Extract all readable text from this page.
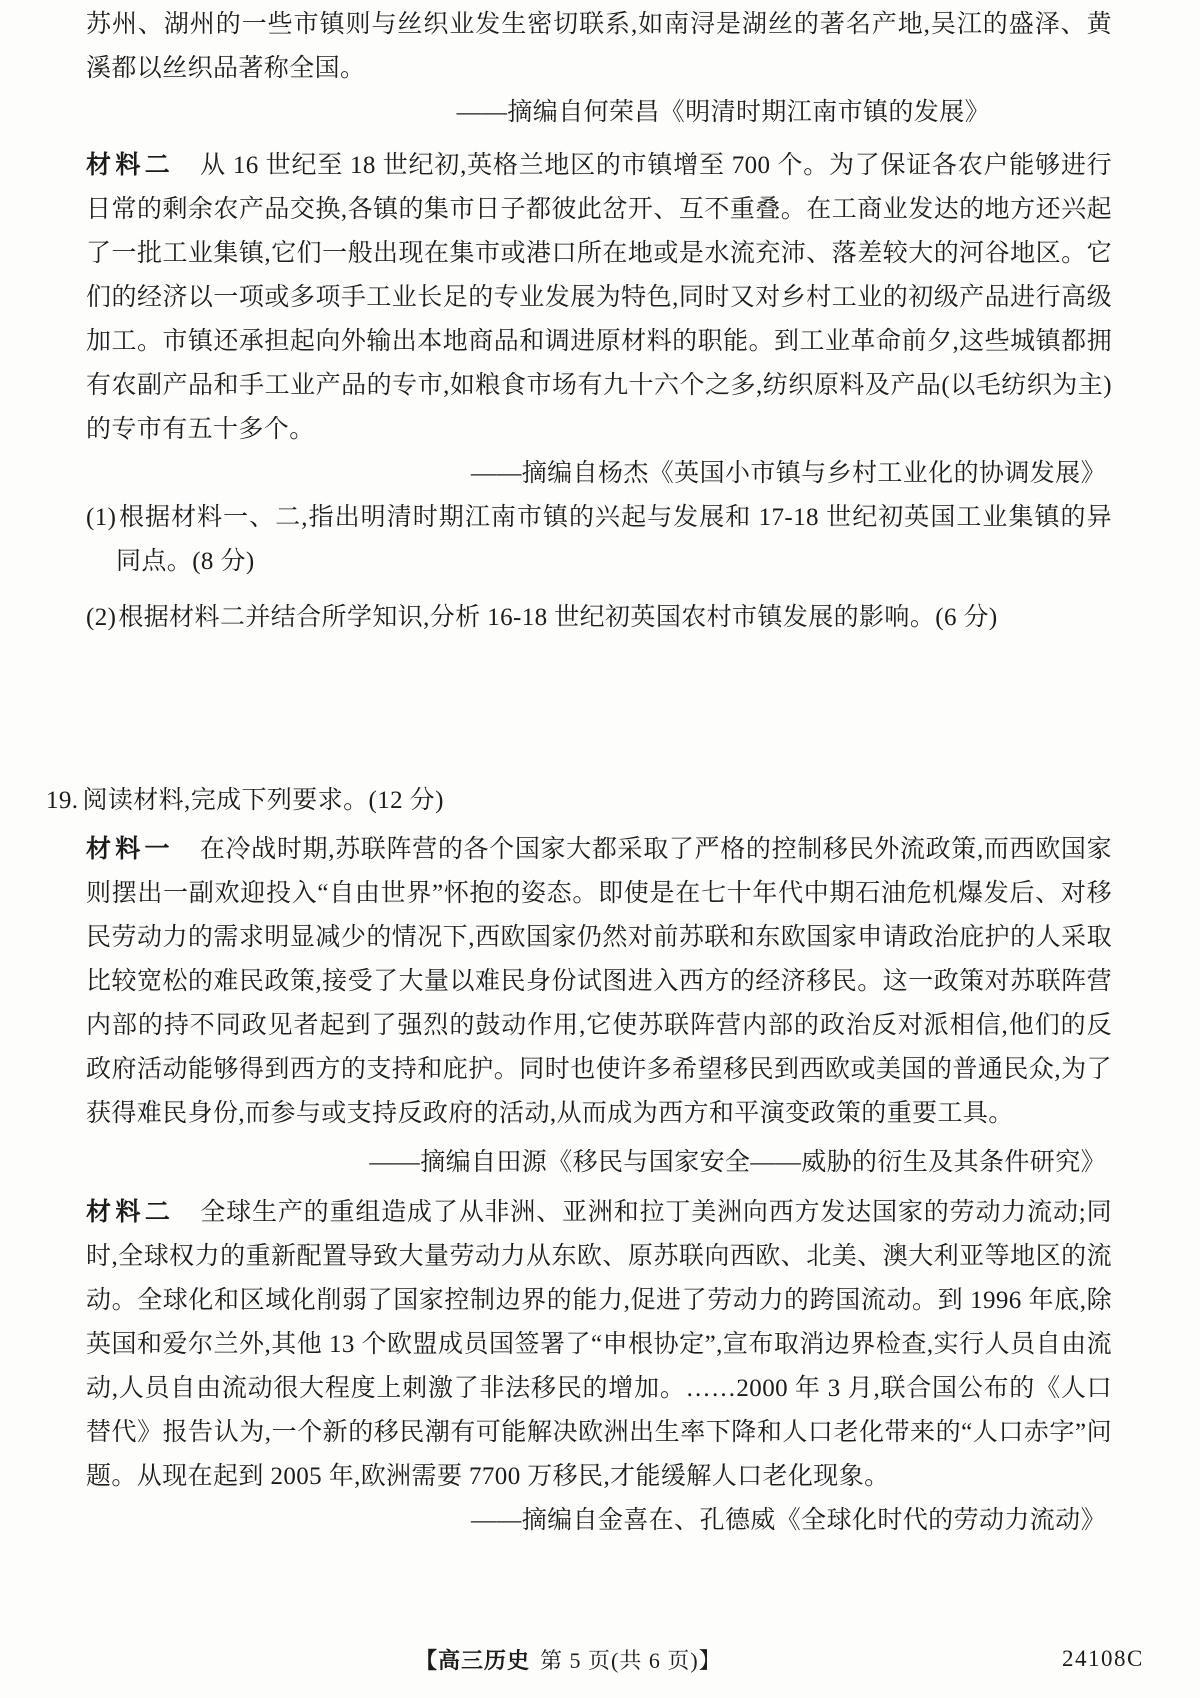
苏州、湖州的一些市镇则与丝织业发生密切联系,如南浔是湖丝的著名产地,吴江的盛泽、黄溪都以丝织品著称全国。

——摘编自何荣昌《明清时期江南市镇的发展》

材料二 从 16 世纪至 18 世纪初,英格兰地区的市镇增至 700 个。为了保证各农户能够进行日常的剩余农产品交换,各镇的集市日子都彼此岔开、互不重叠。在工商业发达的地方还兴起了一批工业集镇,它们一般出现在集市或港口所在地或是水流充沛、落差较大的河谷地区。它们的经济以一项或多项手工业长足的专业发展为特色,同时又对乡村工业的初级产品进行高级加工。市镇还承担起向外输出本地商品和调进原材料的职能。到工业革命前夕,这些城镇都拥有农副产品和手工业产品的专市,如粮食市场有九十六个之多,纺织原料及产品(以毛纺织为主)的专市有五十多个。

——摘编自杨杰《英国小市镇与乡村工业化的协调发展》

(1)根据材料一、二,指出明清时期江南市镇的兴起与发展和 17-18 世纪初英国工业集镇的异同点。(8 分)

(2)根据材料二并结合所学知识,分析 16-18 世纪初英国农村市镇发展的影响。(6 分)

19. 阅读材料,完成下列要求。(12 分)

材料一 在冷战时期,苏联阵营的各个国家大都采取了严格的控制移民外流政策,而西欧国家则摆出一副欢迎投入“自由世界”怀抱的姿态。即使是在七十年代中期石油危机爆发后、对移民劳动力的需求明显减少的情况下,西欧国家仍然对前苏联和东欧国家申请政治庇护的人采取比较宽松的难民政策,接受了大量以难民身份试图进入西方的经济移民。这一政策对苏联阵营内部的持不同政见者起到了强烈的鼓动作用,它使苏联阵营内部的政治反对派相信,他们的反政府活动能够得到西方的支持和庇护。同时也使许多希望移民到西欧或美国的普通民众,为了获得难民身份,而参与或支持反政府的活动,从而成为西方和平演变政策的重要工具。

——摘编自田源《移民与国家安全——威胁的衍生及其条件研究》

材料二 全球生产的重组造成了从非洲、亚洲和拉丁美洲向西方发达国家的劳动力流动;同时,全球权力的重新配置导致大量劳动力从东欧、原苏联向西欧、北美、澳大利亚等地区的流动。全球化和区域化削弱了国家控制边界的能力,促进了劳动力的跨国流动。到 1996 年底,除英国和爱尔兰外,其他 13 个欧盟成员国签署了“申根协定”,宣布取消边界检查,实行人员自由流动,人员自由流动很大程度上刺激了非法移民的增加。……2000 年 3 月,联合国公布的《人口替代》报告认为,一个新的移民潮有可能解决欧洲出生率下降和人口老化带来的“人口赤字”问题。从现在起到 2005 年,欧洲需要 7700 万移民,才能缓解人口老化现象。

——摘编自金喜在、孔德威《全球化时代的劳动力流动》

【高三历史 第 5 页(共 6 页)】	24108C
